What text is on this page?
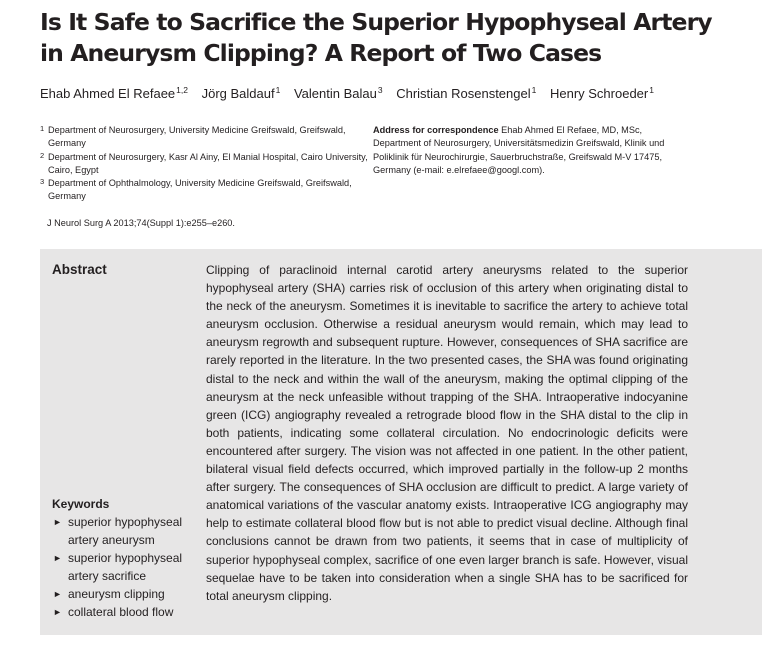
Is It Safe to Sacrifice the Superior Hypophyseal Artery
in Aneurysm Clipping? A Report of Two Cases
Ehab Ahmed El Refaee$^{1,2}$ Jörg Baldauf$^1$ Valentin Balau$^3$ Christian Rosenstengel$^1$ Henry Schroeder$^1$
1 Department of Neurosurgery, University Medicine Greifswald, Greifswald, Germany
2 Department of Neurosurgery, Kasr Al Ainy, El Manial Hospital, Cairo University, Cairo, Egypt
3 Department of Ophthalmology, University Medicine Greifswald, Greifswald, Germany
Address for correspondence Ehab Ahmed El Refaee, MD, MSc, Department of Neurosurgery, Universitätsmedizin Greifswald, Klinik und Poliklinik für Neurochirurgie, Sauerbruchstraße, Greifswald M-V 17475, Germany (e-mail: e.elrefaee@googl.com).
J Neurol Surg A 2013;74(Suppl 1):e255–e260.
Abstract
Keywords
► superior hypophyseal artery aneurysm
► superior hypophyseal artery sacrifice
► aneurysm clipping
► collateral blood flow

Clipping of paraclinoid internal carotid artery aneurysms related to the superior hypophyseal artery (SHA) carries risk of occlusion of this artery when originating distal to the neck of the aneurysm. Sometimes it is inevitable to sacrifice the artery to achieve total aneurysm occlusion. Otherwise a residual aneurysm would remain, which may lead to aneurysm regrowth and subsequent rupture. However, consequences of SHA sacrifice are rarely reported in the literature. In the two presented cases, the SHA was found originating distal to the neck and within the wall of the aneurysm, making the optimal clipping of the aneurysm at the neck unfeasible without trapping of the SHA. Intraoperative indocyanine green (ICG) angiography revealed a retrograde blood flow in the SHA distal to the clip in both patients, indicating some collateral circulation. No endocrinologic deficits were encountered after surgery. The vision was not affected in one patient. In the other patient, bilateral visual field defects occurred, which improved partially in the follow-up 2 months after surgery. The consequences of SHA occlusion are difficult to predict. A large variety of anatomical variations of the vascular anatomy exists. Intraoperative ICG angiography may help to estimate collateral blood flow but is not able to predict visual decline. Although final conclusions cannot be drawn from two patients, it seems that in case of multiplicity of superior hypophyseal complex, sacrifice of one even larger branch is safe. However, visual sequelae have to be taken into consideration when a single SHA has to be sacrificed for total aneurysm clipping.
